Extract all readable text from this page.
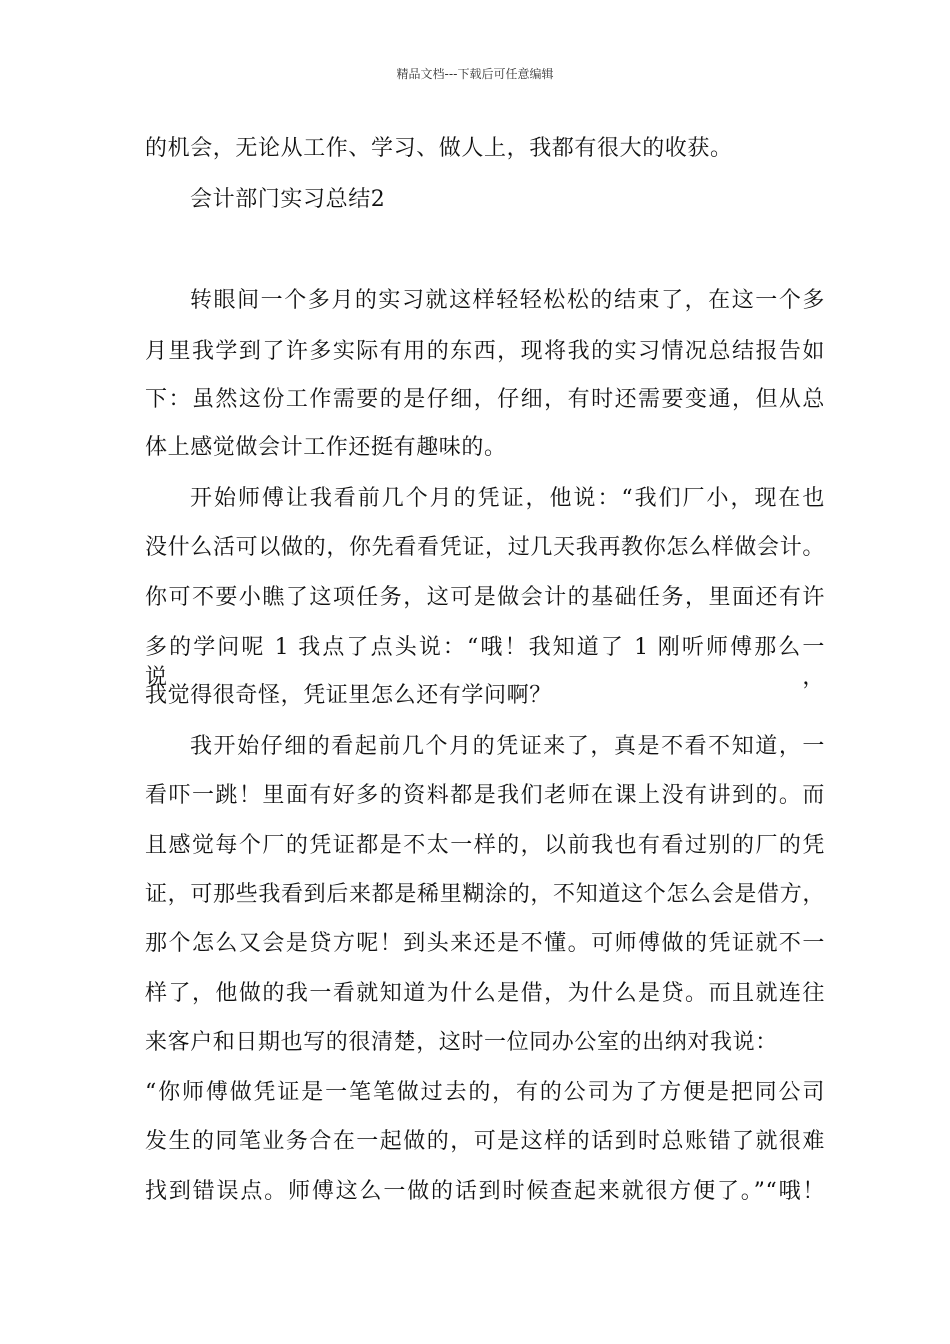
精品文档---下载后可任意编辑
的机会，无论从工作、学习、做人上，我都有很大的收获。
会计部门实习总结2
转眼间一个多月的实习就这样轻轻松松的结束了，在这一个多
月里我学到了许多实际有用的东西，现将我的实习情况总结报告如
下：虽然这份工作需要的是仔细，仔细，有时还需要变通，但从总
体上感觉做会计工作还挺有趣味的。
开始师傅让我看前几个月的凭证，他说：“我们厂小，现在也
没什么活可以做的，你先看看凭证，过几天我再教你怎么样做会计。
你可不要小瞧了这项任务，这可是做会计的基础任务，里面还有许
多的学问呢 1 我点了点头说：“哦！我知道了 1 刚听师傅那么一说，
我觉得很奇怪，凭证里怎么还有学问啊？
我开始仔细的看起前几个月的凭证来了，真是不看不知道，一
看吓一跳！里面有好多的资料都是我们老师在课上没有讲到的。而
且感觉每个厂的凭证都是不太一样的，以前我也有看过别的厂的凭
证，可那些我看到后来都是稀里糊涂的，不知道这个怎么会是借方，
那个怎么又会是贷方呢！到头来还是不懂。可师傅做的凭证就不一
样了，他做的我一看就知道为什么是借，为什么是贷。而且就连往
来客户和日期也写的很清楚，这时一位同办公室的出纳对我说：
“你师傅做凭证是一笔笔做过去的，有的公司为了方便是把同公司
发生的同笔业务合在一起做的，可是这样的话到时总账错了就很难
找到错误点。师傅这么一做的话到时候查起来就很方便了。”“哦！
